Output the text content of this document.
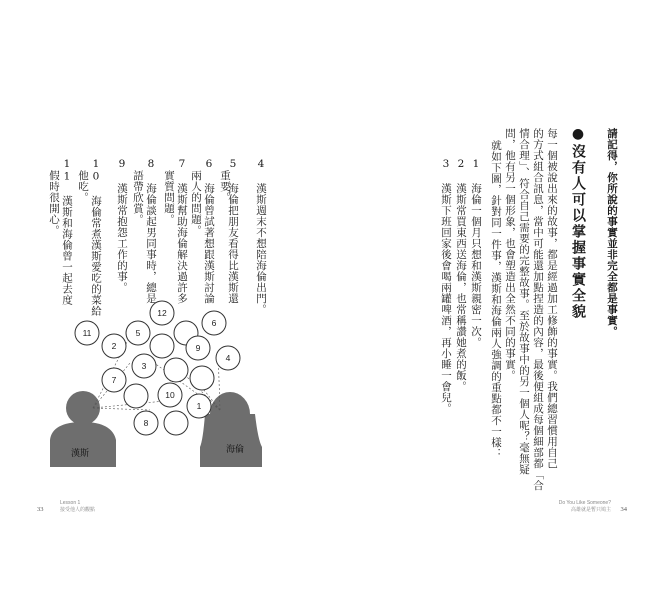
請記得，你所說的事實並非完全都是事實。
●沒有人可以掌握事實全貌
每一個被說出來的故事，都是經過加工修飾的事實。我們總習慣用自己
的方式組合訊息，當中可能還加點捏造的內容，最後便組成每個細部都「合
情合理」、符合自己需要的完整故事。至於故事中的另一個人呢？毫無疑
問，他有另一個形象，也會塑造出全然不同的事實。
就如下圖，針對同一件事，漢斯和海倫兩人強調的重點都不一樣：
1 海倫一個月只想和漢斯親密一次。
2 漢斯常買東西送海倫，也常稱讚她煮的飯。
3 漢斯下班回家後會喝兩罐啤酒，再小睡一會兒。
Do You Like Someone?
高雄就是暫只鳩主 34
4 漢斯週末不想陪海倫出門。
5 海倫把朋友看得比漢斯還
重要。
6 海倫曾試著想跟漢斯討論
兩人的問題。
7 漢斯幫助海倫解決過許多
實質問題。
8 海倫談起男同事時，總是
語帶欣賞。
9 漢斯常抱怨工作的事。
10 海倫常煮漢斯愛吃的菜給
他吃。
11 漢斯和海倫曾一起去度
假時很開心。
12
6
11	5
2	9
4
3
7
10
1
8
漢斯	海倫
33
Lesson 1
接受他人的觀點
